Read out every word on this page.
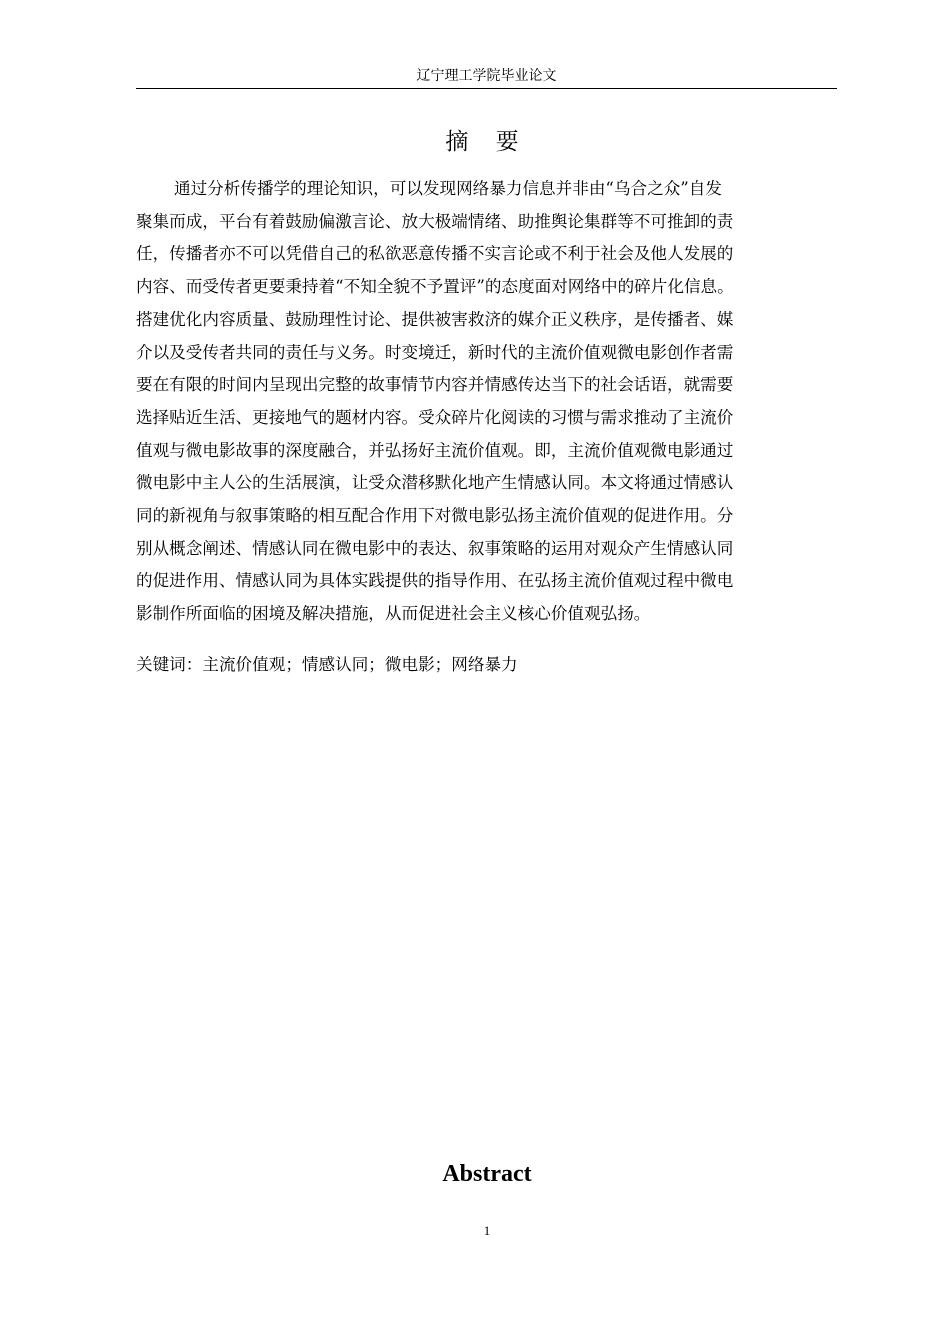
辽宁理工学院毕业论文
摘 要

通过分析传播学的理论知识，可以发现网络暴力信息并非由“乌合之众”自发
聚集而成，平台有着鼓励偏激言论、放大极端情绪、助推舆论集群等不可推卸的责
任，传播者亦不可以凭借自己的私欲恶意传播不实言论或不利于社会及他人发展的
内容、而受传者更要秉持着“不知全貌不予置评”的态度面对网络中的碎片化信息。
搭建优化内容质量、鼓励理性讨论、提供被害救济的媒介正义秩序，是传播者、媒
介以及受传者共同的责任与义务。时变境迁，新时代的主流价值观微电影创作者需
要在有限的时间内呈现出完整的故事情节内容并情感传达当下的社会话语，就需要
选择贴近生活、更接地气的题材内容。受众碎片化阅读的习惯与需求推动了主流价
值观与微电影故事的深度融合，并弘扬好主流价值观。即，主流价值观微电影通过
微电影中主人公的生活展演，让受众潜移默化地产生情感认同。本文将通过情感认
同的新视角与叙事策略的相互配合作用下对微电影弘扬主流价值观的促进作用。分
别从概念阐述、情感认同在微电影中的表达、叙事策略的运用对观众产生情感认同
的促进作用、情感认同为具体实践提供的指导作用、在弘扬主流价值观过程中微电
影制作所面临的困境及解决措施，从而促进社会主义核心价值观弘扬。

关键词：主流价值观；情感认同；微电影；网络暴力
Abstract
1
